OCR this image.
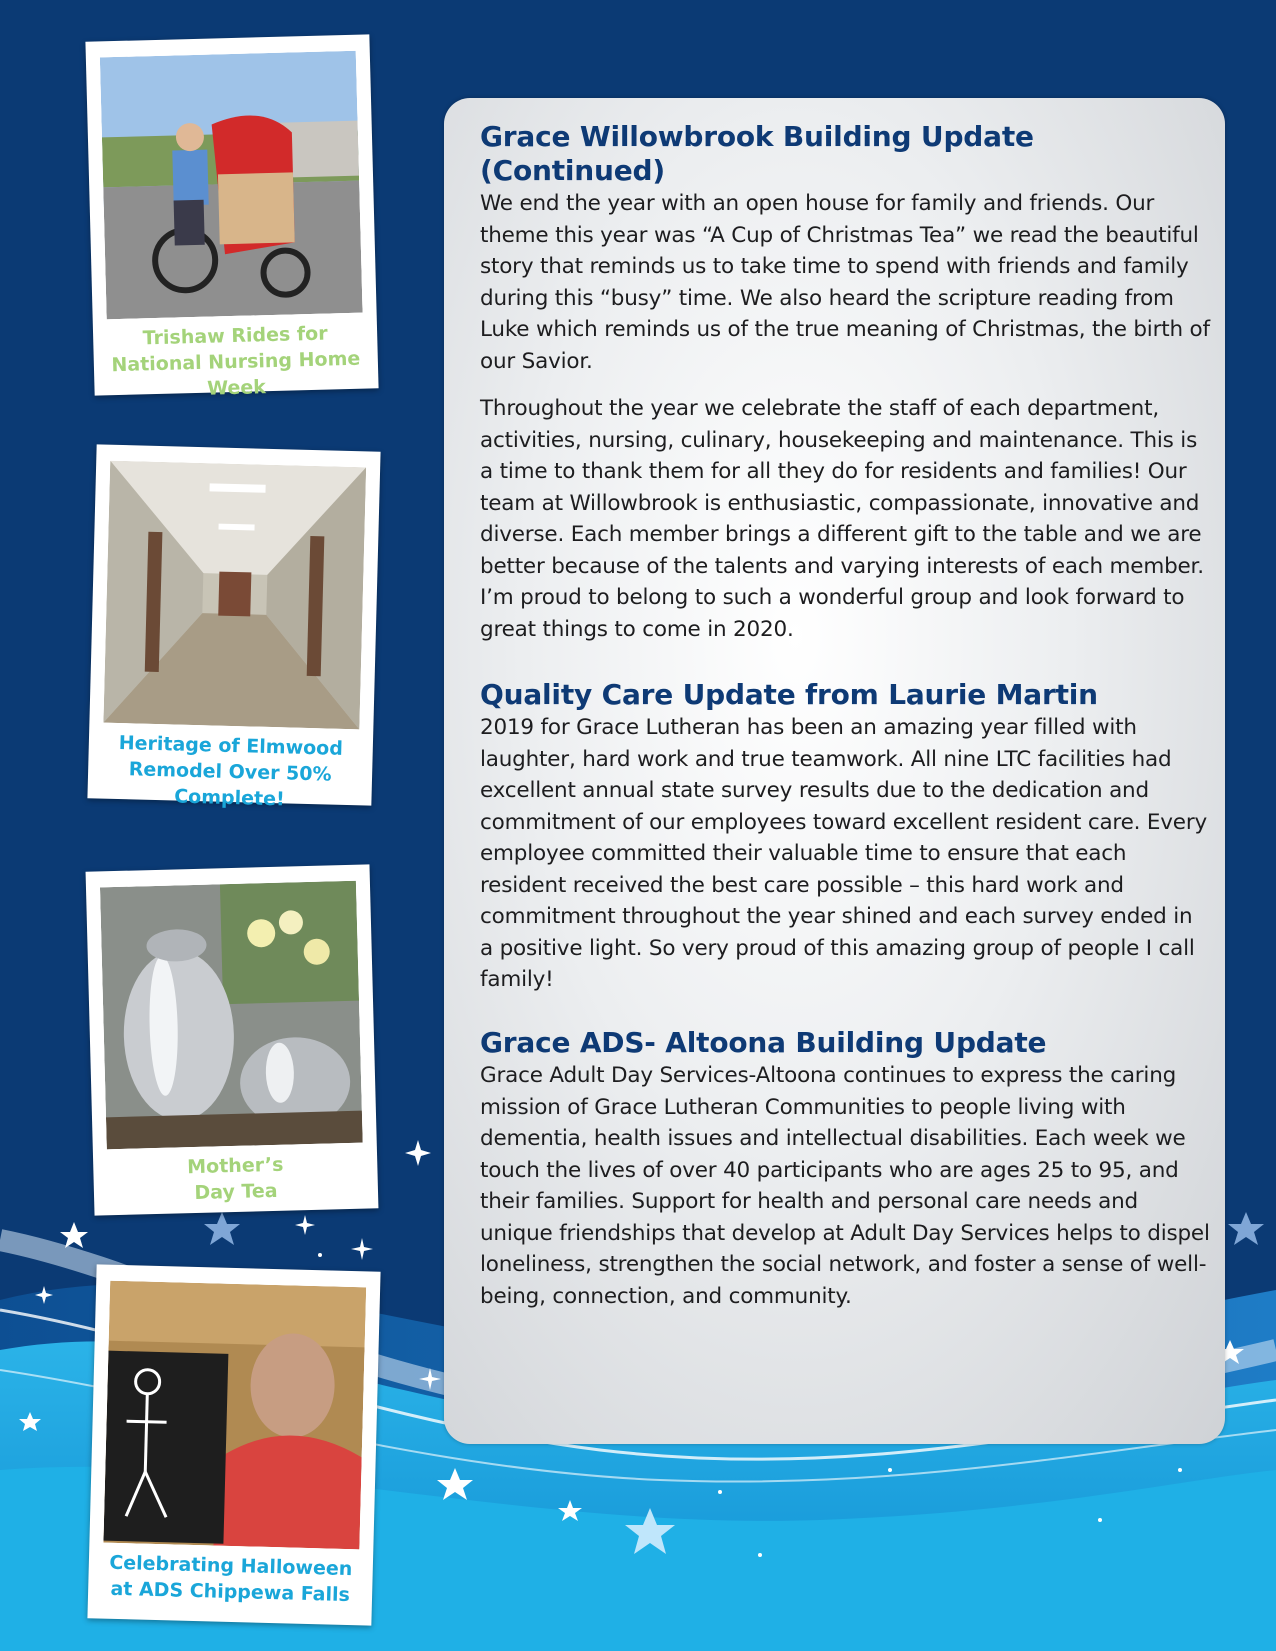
Trishaw Rides for
National Nursing Home Week
Heritage of Elmwood
Remodel Over 50% Complete!
Mother’s
Day Tea
Celebrating Halloween
at ADS Chippewa Falls
Grace Willowbrook Building Update (Continued)

We end the year with an open house for family and friends. Our theme this year was “A Cup of Christmas Tea” we read the beautiful story that reminds us to take time to spend with friends and family during this “busy” time. We also heard the scripture reading from Luke which reminds us of the true meaning of Christmas, the birth of our Savior.

Throughout the year we celebrate the staff of each department, activities, nursing, culinary, housekeeping and maintenance. This is a time to thank them for all they do for residents and families! Our team at Willowbrook is enthusiastic, compassionate, innovative and diverse. Each member brings a different gift to the table and we are better because of the talents and varying interests of each member. I’m proud to belong to such a wonderful group and look forward to great things to come in 2020.

Quality Care Update from Laurie Martin

2019 for Grace Lutheran has been an amazing year filled with laughter, hard work and true teamwork. All nine LTC facilities had excellent annual state survey results due to the dedication and commitment of our employees toward excellent resident care. Every employee committed their valuable time to ensure that each resident received the best care possible – this hard work and commitment throughout the year shined and each survey ended in a positive light. So very proud of this amazing group of people I call family!

Grace ADS- Altoona Building Update

Grace Adult Day Services-Altoona continues to express the caring mission of Grace Lutheran Communities to people living with dementia, health issues and intellectual disabilities. Each week we touch the lives of over 40 participants who are ages 25 to 95, and their families. Support for health and personal care needs and unique friendships that develop at Adult Day Services helps to dispel loneliness, strengthen the social network, and foster a sense of well-being, connection, and community.
